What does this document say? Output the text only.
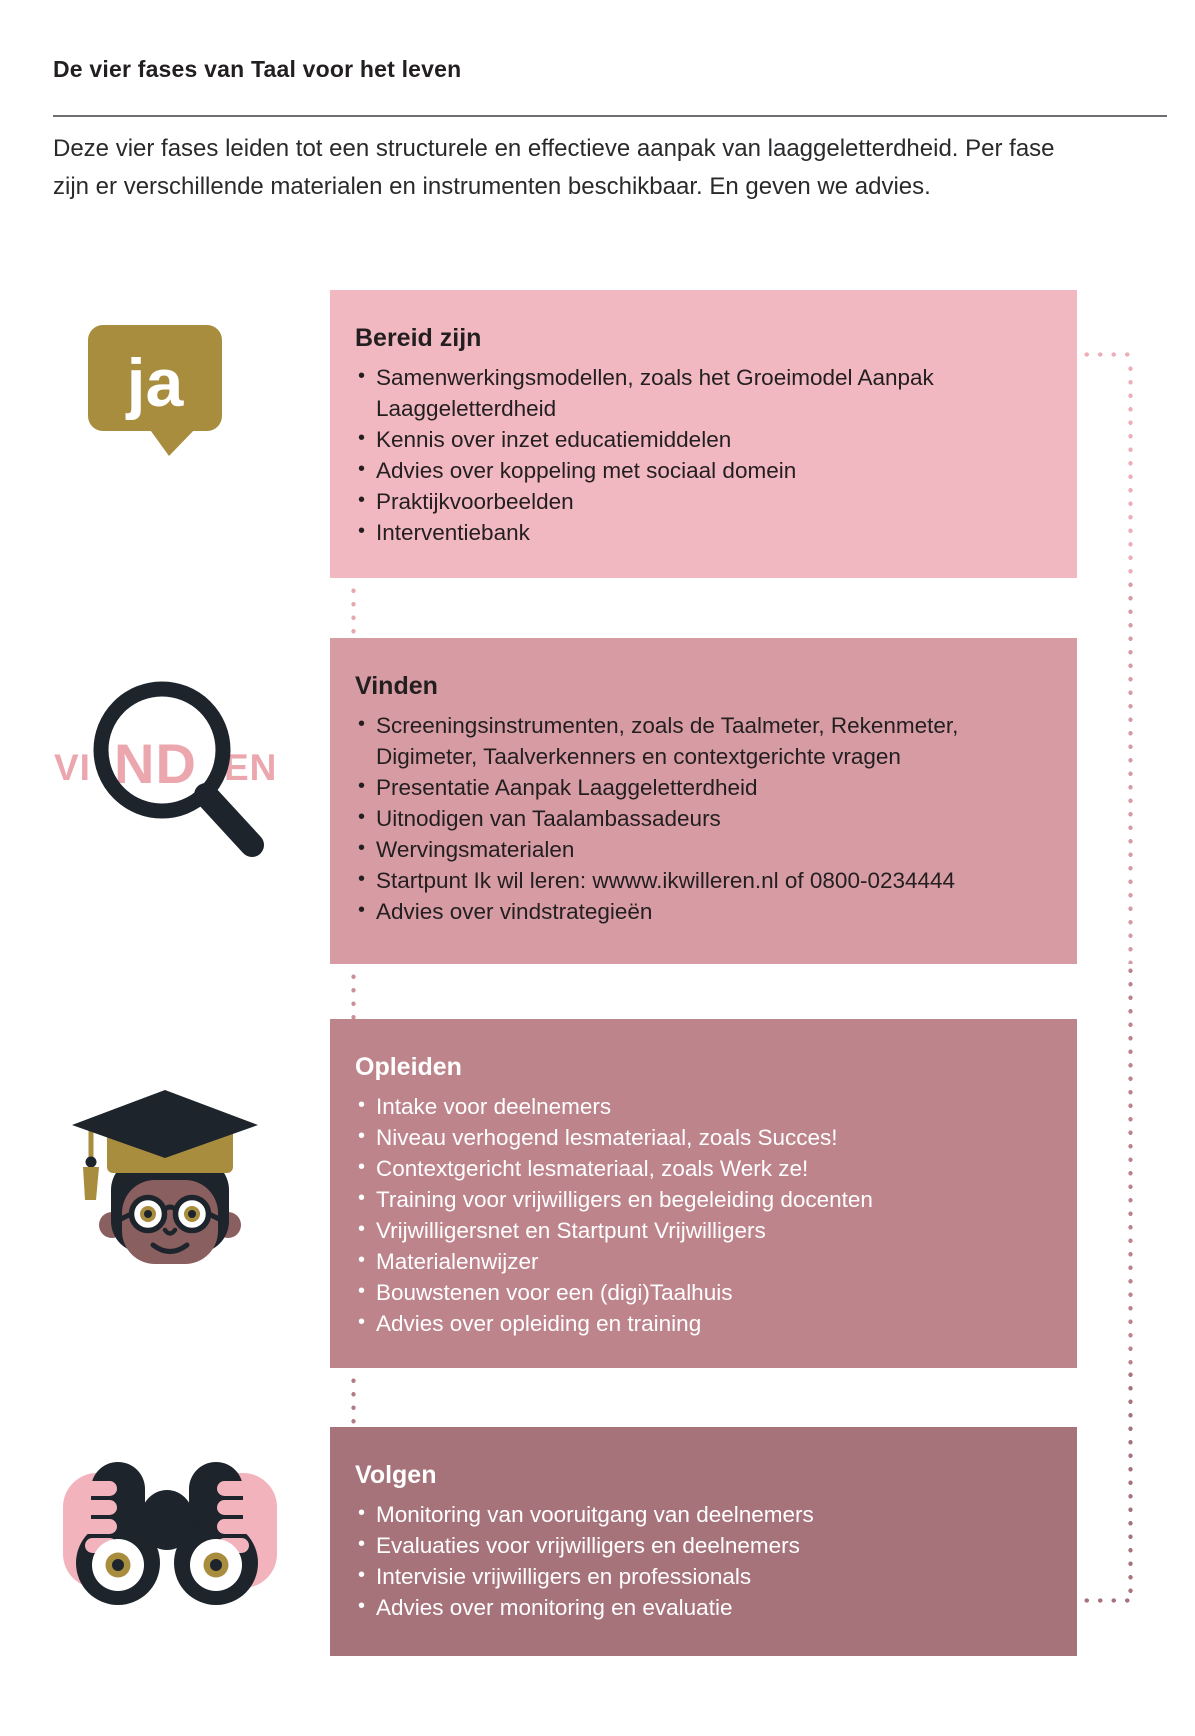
De vier fases van Taal voor het leven

Deze vier fases leiden tot een structurele en effectieve aanpak van laaggeletterdheid. Per fase zijn er verschillende materialen en instrumenten beschikbaar. En geven we advies.

ja
VI ND EN
Bereid zijn
• Samenwerkingsmodellen, zoals het Groeimodel Aanpak Laaggeletterdheid
• Kennis over inzet educatiemiddelen
• Advies over koppeling met sociaal domein
• Praktijkvoorbeelden
• Interventiebank
Vinden
• Screeningsinstrumenten, zoals de Taalmeter, Rekenmeter, Digimeter, Taalverkenners en contextgerichte vragen
• Presentatie Aanpak Laaggeletterdheid
• Uitnodigen van Taalambassadeurs
• Wervingsmaterialen
• Startpunt Ik wil leren: wwww.ikwilleren.nl of 0800-0234444
• Advies over vindstrategieën
Opleiden
• Intake voor deelnemers
• Niveau verhogend lesmateriaal, zoals Succes!
• Contextgericht lesmateriaal, zoals Werk ze!
• Training voor vrijwilligers en begeleiding docenten
• Vrijwilligersnet en Startpunt Vrijwilligers
• Materialenwijzer
• Bouwstenen voor een (digi)Taalhuis
• Advies over opleiding en training
Volgen
• Monitoring van vooruitgang van deelnemers
• Evaluaties voor vrijwilligers en deelnemers
• Intervisie vrijwilligers en professionals
• Advies over monitoring en evaluatie
